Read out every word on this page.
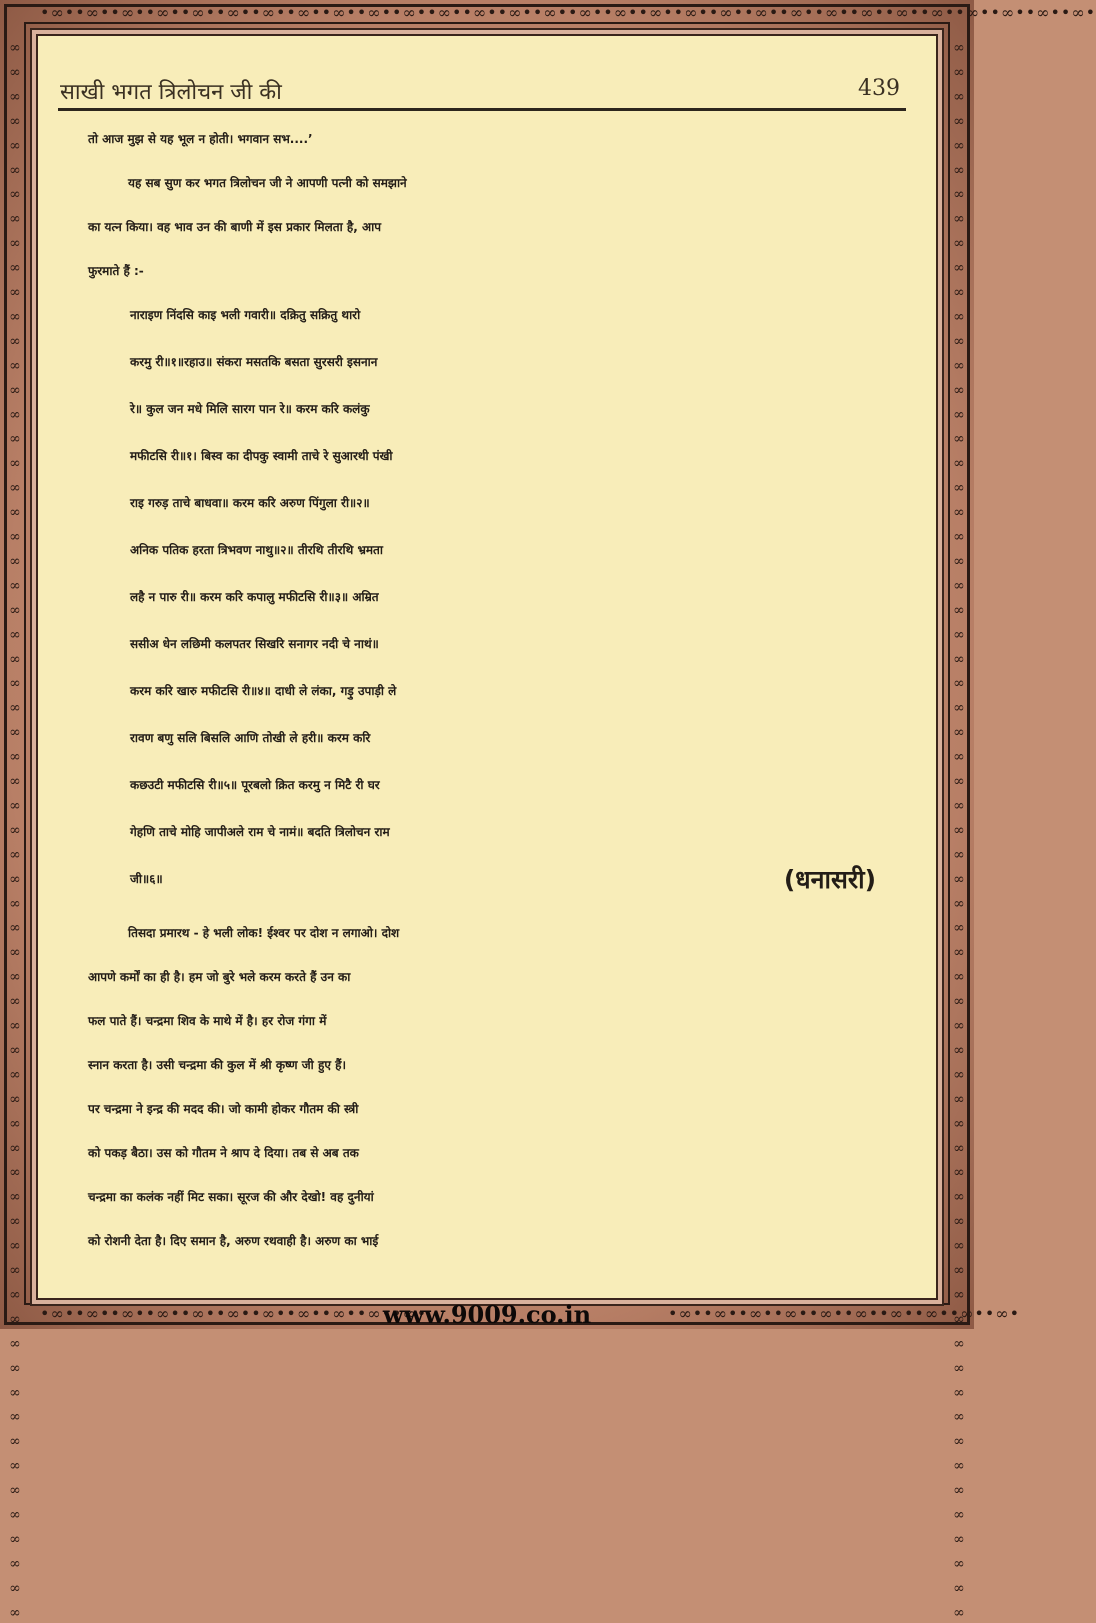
•∞••∞••∞••∞••∞••∞••∞••∞••∞••∞••∞••∞••∞••∞••∞••∞••∞••∞••∞••∞••∞••∞••∞••∞••∞••∞••∞••∞••∞••∞•
•∞••∞••∞••∞••∞••∞••∞••∞••∞••∞••∞•	•∞••∞••∞••∞••∞••∞••∞••∞••∞••∞•
∞ ∞ ∞ ∞ ∞ ∞ ∞ ∞ ∞ ∞ ∞ ∞ ∞ ∞ ∞ ∞ ∞ ∞ ∞ ∞ ∞ ∞ ∞ ∞ ∞ ∞ ∞ ∞ ∞ ∞ ∞ ∞ ∞ ∞ ∞ ∞ ∞ ∞ ∞ ∞ ∞ ∞ ∞ ∞ ∞ ∞ ∞ ∞ ∞ ∞ ∞ ∞ ∞ ∞ ∞ ∞ ∞ ∞ ∞ ∞ ∞ ∞ ∞ ∞ ∞	∞ ∞ ∞ ∞ ∞ ∞ ∞ ∞ ∞ ∞ ∞ ∞ ∞ ∞ ∞ ∞ ∞ ∞ ∞ ∞ ∞ ∞ ∞ ∞ ∞ ∞ ∞ ∞ ∞ ∞ ∞ ∞ ∞ ∞ ∞ ∞ ∞ ∞ ∞ ∞ ∞ ∞ ∞ ∞ ∞ ∞ ∞ ∞ ∞ ∞ ∞ ∞ ∞ ∞ ∞ ∞ ∞ ∞ ∞ ∞ ∞ ∞ ∞ ∞ ∞
साखी भगत त्रिलोचन जी की	439
तो आज मुझ से यह भूल न होती। भगवान सभ....’
यह सब सुण कर भगत त्रिलोचन जी ने आपणी पत्नी को समझाने
का यत्न किया। वह भाव उन की बाणी में इस प्रकार मिलता है, आप
फुरमाते हैं :-
नाराइण निंदसि काइ भली गवारी॥ दक्रितु सक्रितु थारो
करमु री॥१॥रहाउ॥ संकरा मसतकि बसता सुरसरी इसनान
रे॥ कुल जन मधे मिलि सारग पान रे॥ करम करि कलंकु
मफीटसि री॥१। बिस्व का दीपकु स्वामी ताचे रे सुआरथी पंखी
राइ गरुड़ ताचे बाधवा॥ करम करि अरुण पिंगुला री॥२॥
अनिक पतिक हरता त्रिभवण नाथु॥२॥ तीरथि तीरथि भ्रमता
लहै न पारु री॥ करम करि कपालु मफीटसि री॥३॥ अम्रित
ससीअ धेन लछिमी कलपतर सिखरि सनागर नदी चे नाथं॥
करम करि खारु मफीटसि री॥४॥ दाधी ले लंका, गड़ु उपाड़ी ले
रावण बणु सलि बिसलि आणि तोखी ले हरी॥ करम करि
कछउटी मफीटसि री॥५॥ पूरबलो क्रित करमु न मिटै री घर
गेहणि ताचे मोहि जापीअले राम चे नामं॥ बदति त्रिलोचन राम
जी॥६॥	(धनासरी)
तिसदा प्रमारथ - हे भली लोक! ईश्वर पर दोश न लगाओ। दोश
आपणे कर्मों का ही है। हम जो बुरे भले करम करते हैं उन का
फल पाते हैं। चन्द्रमा शिव के माथे में है। हर रोज गंगा में
स्नान करता है। उसी चन्द्रमा की कुल में श्री कृष्ण जी हुए हैं।
पर चन्द्रमा ने इन्द्र की मदद की। जो कामी होकर गौतम की स्त्री
को पकड़ बैठा। उस को गौतम ने श्राप दे दिया। तब से अब तक
चन्द्रमा का कलंक नहीं मिट सका। सूरज की और देखो! वह दुनीयां
को रोशनी देता है। दिए समान है, अरुण रथवाही है। अरुण का भाई
www.9009.co.in
